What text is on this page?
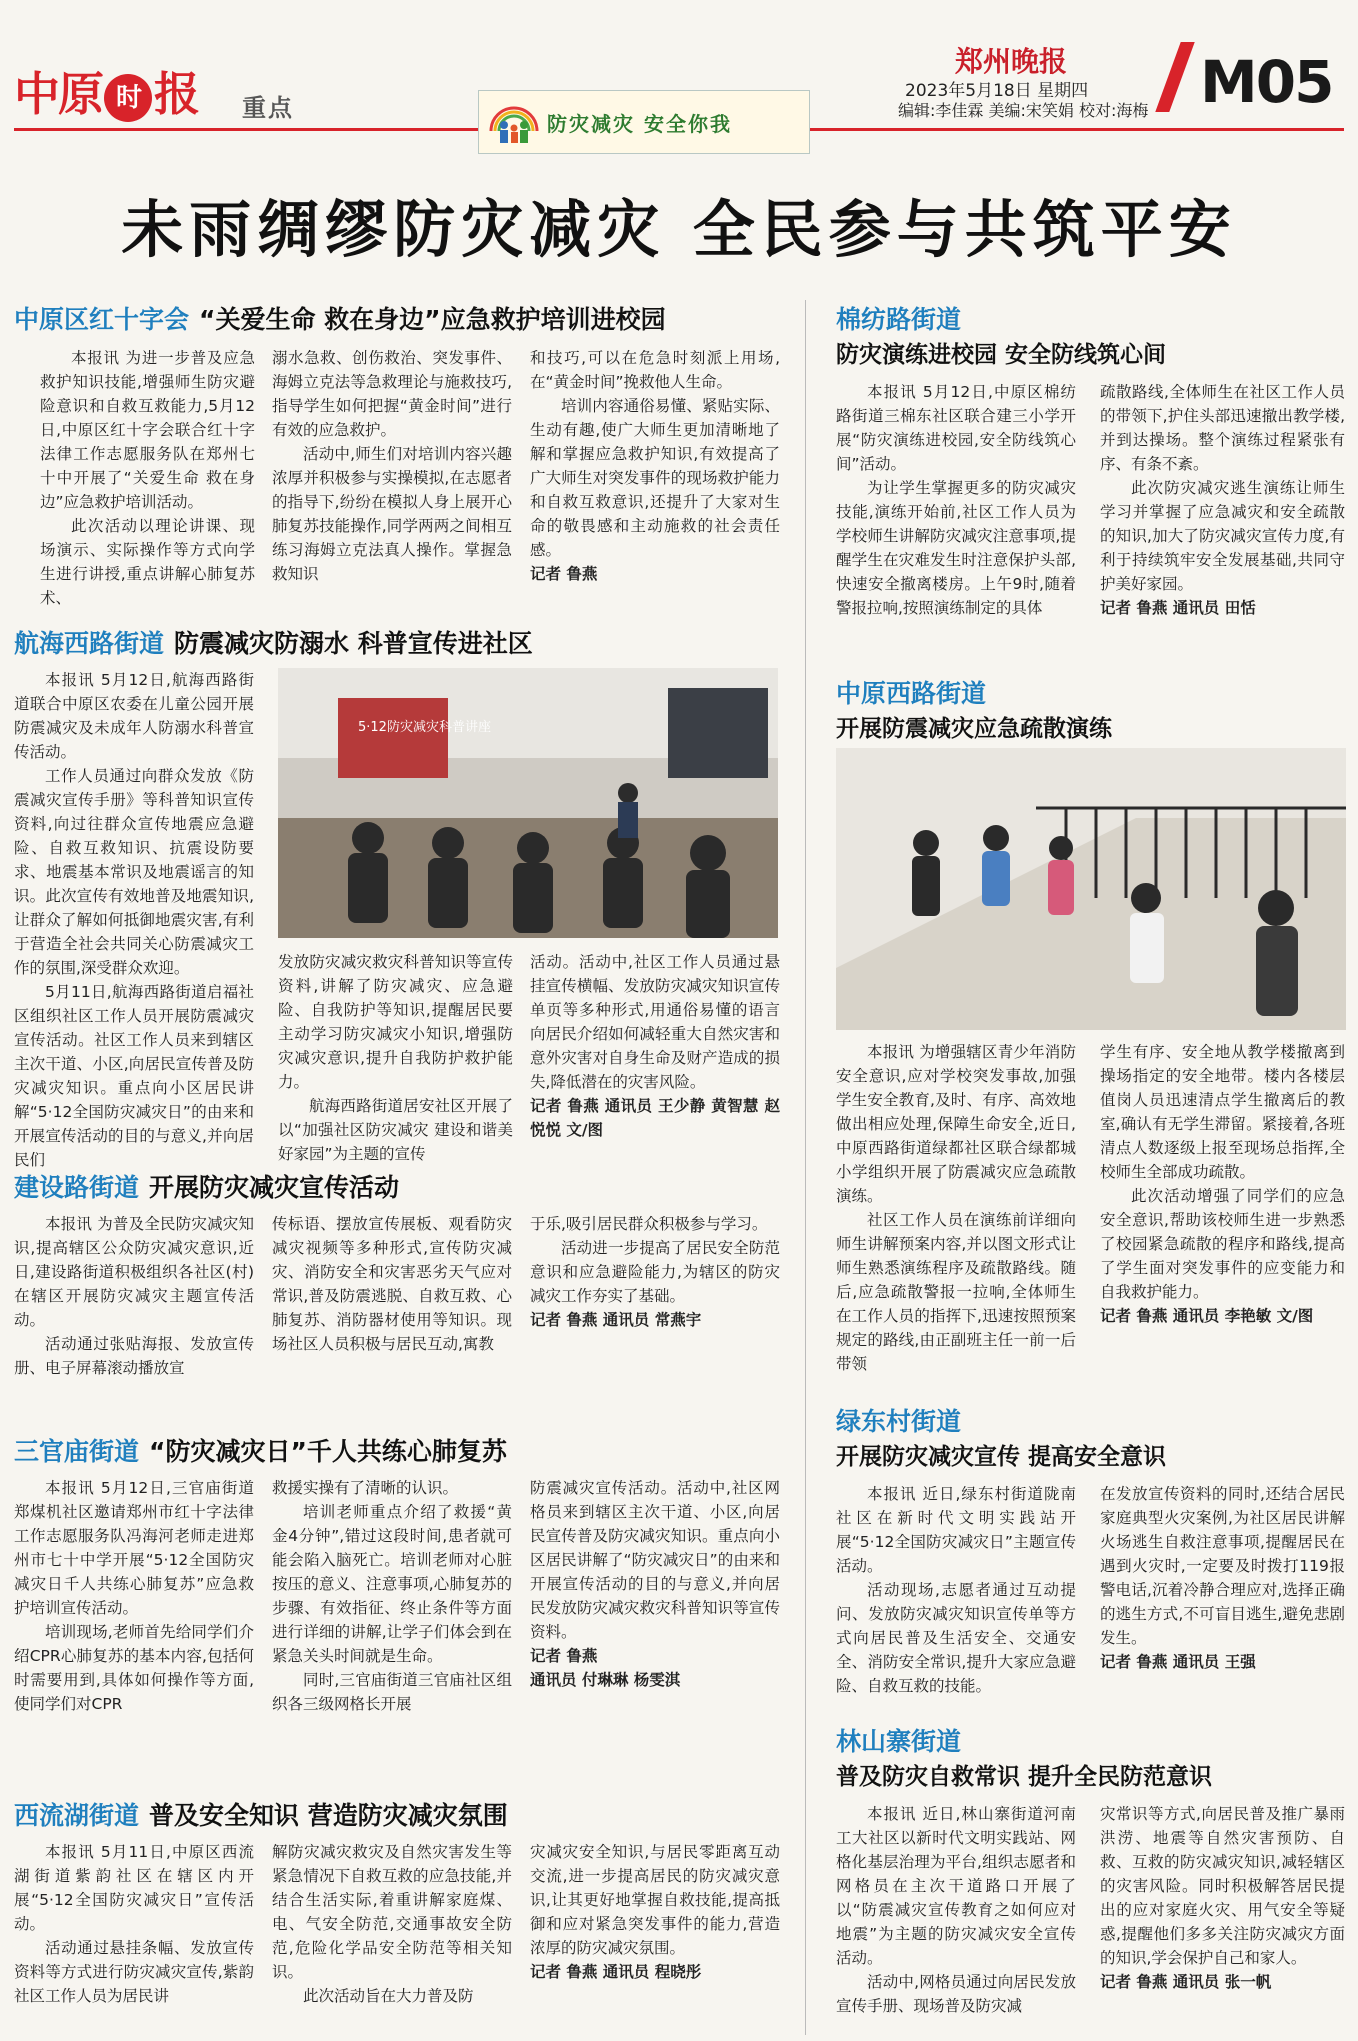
中原 时 报 重点
防灾减灾 安全你我
郑州晚报
2023年5月18日 星期四
编辑:李佳霖 美编:宋笑娟 校对:海梅 M05
未雨绸缪防灾减灾 全民参与共筑平安
中原区红十字会 “关爱生命 救在身边”应急救护培训进校园

本报讯 为进一步普及应急救护知识技能,增强师生防灾避险意识和自救互救能力,5月12日,中原区红十字会联合红十字法律工作志愿服务队在郑州七十中开展了“关爱生命 救在身边”应急救护培训活动。

此次活动以理论讲课、现场演示、实际操作等方式向学生进行讲授,重点讲解心肺复苏术、

溺水急救、创伤救治、突发事件、海姆立克法等急救理论与施救技巧,指导学生如何把握“黄金时间”进行有效的应急救护。

活动中,师生们对培训内容兴趣浓厚并积极参与实操模拟,在志愿者的指导下,纷纷在模拟人身上展开心肺复苏技能操作,同学两两之间相互练习海姆立克法真人操作。掌握急救知识

和技巧,可以在危急时刻派上用场,在“黄金时间”挽救他人生命。

培训内容通俗易懂、紧贴实际、生动有趣,使广大师生更加清晰地了解和掌握应急救护知识,有效提高了广大师生对突发事件的现场救护能力和自救互救意识,还提升了大家对生命的敬畏感和主动施救的社会责任感。

记者 鲁燕

航海西路街道 防震减灾防溺水 科普宣传进社区

本报讯 5月12日,航海西路街道联合中原区农委在儿童公园开展防震减灾及未成年人防溺水科普宣传活动。

工作人员通过向群众发放《防震减灾宣传手册》等科普知识宣传资料,向过往群众宣传地震应急避险、自救互救知识、抗震设防要求、地震基本常识及地震谣言的知识。此次宣传有效地普及地震知识,让群众了解如何抵御地震灾害,有利于营造全社会共同关心防震减灾工作的氛围,深受群众欢迎。

5月11日,航海西路街道启福社区组织社区工作人员开展防震减灾宣传活动。社区工作人员来到辖区主次干道、小区,向居民宣传普及防灾减灾知识。重点向小区居民讲解“5·12全国防灾减灾日”的由来和开展宣传活动的目的与意义,并向居民们

5·12防灾减灾科普讲座

发放防灾减灾救灾科普知识等宣传资料,讲解了防灾减灾、应急避险、自我防护等知识,提醒居民要主动学习防灾减灾小知识,增强防灾减灾意识,提升自我防护救护能力。

航海西路街道居安社区开展了以“加强社区防灾减灾 建设和谐美好家园”为主题的宣传

活动。活动中,社区工作人员通过悬挂宣传横幅、发放防灾减灾知识宣传单页等多种形式,用通俗易懂的语言向居民介绍如何减轻重大自然灾害和意外灾害对自身生命及财产造成的损失,降低潜在的灾害风险。

记者 鲁燕 通讯员 王少静 黄智慧 赵悦悦 文/图

建设路街道 开展防灾减灾宣传活动

本报讯 为普及全民防灾减灾知识,提高辖区公众防灾减灾意识,近日,建设路街道积极组织各社区(村)在辖区开展防灾减灾主题宣传活动。

活动通过张贴海报、发放宣传册、电子屏幕滚动播放宣

传标语、摆放宣传展板、观看防灾减灾视频等多种形式,宣传防灾减灾、消防安全和灾害恶劣天气应对常识,普及防震逃脱、自救互救、心肺复苏、消防器材使用等知识。现场社区人员积极与居民互动,寓教

于乐,吸引居民群众积极参与学习。

活动进一步提高了居民安全防范意识和应急避险能力,为辖区的防灾减灾工作夯实了基础。

记者 鲁燕 通讯员 常燕宇

三官庙街道 “防灾减灾日”千人共练心肺复苏

本报讯 5月12日,三官庙街道郑煤机社区邀请郑州市红十字法律工作志愿服务队冯海河老师走进郑州市七十中学开展“5·12全国防灾减灾日千人共练心肺复苏”应急救护培训宣传活动。

培训现场,老师首先给同学们介绍CPR心肺复苏的基本内容,包括何时需要用到,具体如何操作等方面,使同学们对CPR

救援实操有了清晰的认识。

培训老师重点介绍了救援“黄金4分钟”,错过这段时间,患者就可能会陷入脑死亡。培训老师对心脏按压的意义、注意事项,心肺复苏的步骤、有效指征、终止条件等方面进行详细的讲解,让学子们体会到在紧急关头时间就是生命。

同时,三官庙街道三官庙社区组织各三级网格长开展

防震减灾宣传活动。活动中,社区网格员来到辖区主次干道、小区,向居民宣传普及防灾减灾知识。重点向小区居民讲解了“防灾减灾日”的由来和开展宣传活动的目的与意义,并向居民发放防灾减灾救灾科普知识等宣传资料。

记者 鲁燕

通讯员 付琳琳 杨雯淇

西流湖街道 普及安全知识 营造防灾减灾氛围

本报讯 5月11日,中原区西流湖街道紫韵社区在辖区内开展“5·12全国防灾减灾日”宣传活动。

活动通过悬挂条幅、发放宣传资料等方式进行防灾减灾宣传,紫韵社区工作人员为居民讲

解防灾减灾救灾及自然灾害发生等紧急情况下自救互救的应急技能,并结合生活实际,着重讲解家庭煤、电、气安全防范,交通事故安全防范,危险化学品安全防范等相关知识。

此次活动旨在大力普及防

灾减灾安全知识,与居民零距离互动交流,进一步提高居民的防灾减灾意识,让其更好地掌握自救技能,提高抵御和应对紧急突发事件的能力,营造浓厚的防灾减灾氛围。

记者 鲁燕 通讯员 程晓彤

棉纺路街道
防灾演练进校园 安全防线筑心间

本报讯 5月12日,中原区棉纺路街道三棉东社区联合建三小学开展“防灾演练进校园,安全防线筑心间”活动。

为让学生掌握更多的防灾减灾技能,演练开始前,社区工作人员为学校师生讲解防灾减灾注意事项,提醒学生在灾难发生时注意保护头部,快速安全撤离楼房。上午9时,随着警报拉响,按照演练制定的具体

疏散路线,全体师生在社区工作人员的带领下,护住头部迅速撤出教学楼,并到达操场。整个演练过程紧张有序、有条不紊。

此次防灾减灾逃生演练让师生学习并掌握了应急减灾和安全疏散的知识,加大了防灾减灾宣传力度,有利于持续筑牢安全发展基础,共同守护美好家园。

记者 鲁燕 通讯员 田恬

中原西路街道
开展防震减灾应急疏散演练

本报讯 为增强辖区青少年消防安全意识,应对学校突发事故,加强学生安全教育,及时、有序、高效地做出相应处理,保障生命安全,近日,中原西路街道绿都社区联合绿都城小学组织开展了防震减灾应急疏散演练。

社区工作人员在演练前详细向师生讲解预案内容,并以图文形式让师生熟悉演练程序及疏散路线。随后,应急疏散警报一拉响,全体师生在工作人员的指挥下,迅速按照预案规定的路线,由正副班主任一前一后带领

学生有序、安全地从教学楼撤离到操场指定的安全地带。楼内各楼层值岗人员迅速清点学生撤离后的教室,确认有无学生滞留。紧接着,各班清点人数逐级上报至现场总指挥,全校师生全部成功疏散。

此次活动增强了同学们的应急安全意识,帮助该校师生进一步熟悉了校园紧急疏散的程序和路线,提高了学生面对突发事件的应变能力和自我救护能力。

记者 鲁燕 通讯员 李艳敏 文/图

绿东村街道
开展防灾减灾宣传 提高安全意识

本报讯 近日,绿东村街道陇南社区在新时代文明实践站开展“5·12全国防灾减灾日”主题宣传活动。

活动现场,志愿者通过互动提问、发放防灾减灾知识宣传单等方式向居民普及生活安全、交通安全、消防安全常识,提升大家应急避险、自救互救的技能。

在发放宣传资料的同时,还结合居民家庭典型火灾案例,为社区居民讲解火场逃生自救注意事项,提醒居民在遇到火灾时,一定要及时拨打119报警电话,沉着冷静合理应对,选择正确的逃生方式,不可盲目逃生,避免悲剧发生。

记者 鲁燕 通讯员 王强

林山寨街道
普及防灾自救常识 提升全民防范意识

本报讯 近日,林山寨街道河南工大社区以新时代文明实践站、网格化基层治理为平台,组织志愿者和网格员在主次干道路口开展了以“防震减灾宣传教育之如何应对地震”为主题的防灾减灾安全宣传活动。

活动中,网格员通过向居民发放宣传手册、现场普及防灾减

灾常识等方式,向居民普及推广暴雨洪涝、地震等自然灾害预防、自救、互救的防灾减灾知识,减轻辖区的灾害风险。同时积极解答居民提出的应对家庭火灾、用气安全等疑惑,提醒他们多多关注防灾减灾方面的知识,学会保护自己和家人。

记者 鲁燕 通讯员 张一帆
